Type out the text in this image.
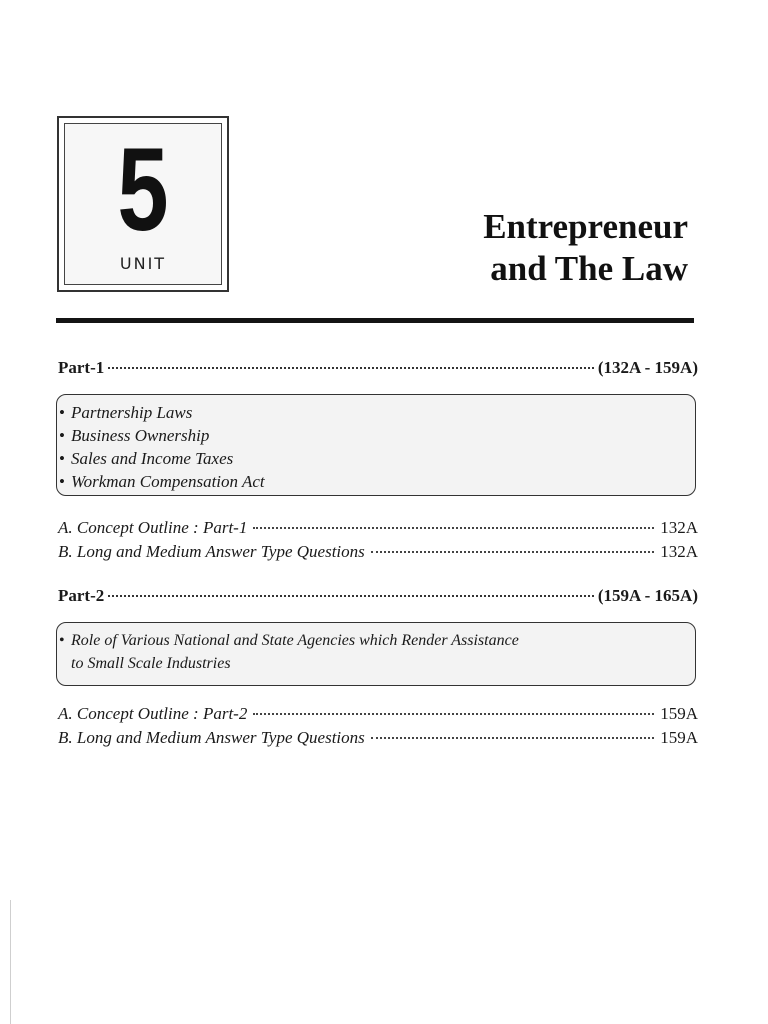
5
UNIT
Entrepreneur
and The Law
Part-1	(132A - 159A)
• Partnership Laws
• Business Ownership
• Sales and Income Taxes
• Workman Compensation Act
A. Concept Outline : Part-1	132A
B. Long and Medium Answer Type Questions	132A
Part-2	(159A - 165A)
• Role of Various National and State Agencies which Render Assistance
to Small Scale Industries
A. Concept Outline : Part-2	159A
B. Long and Medium Answer Type Questions	159A
